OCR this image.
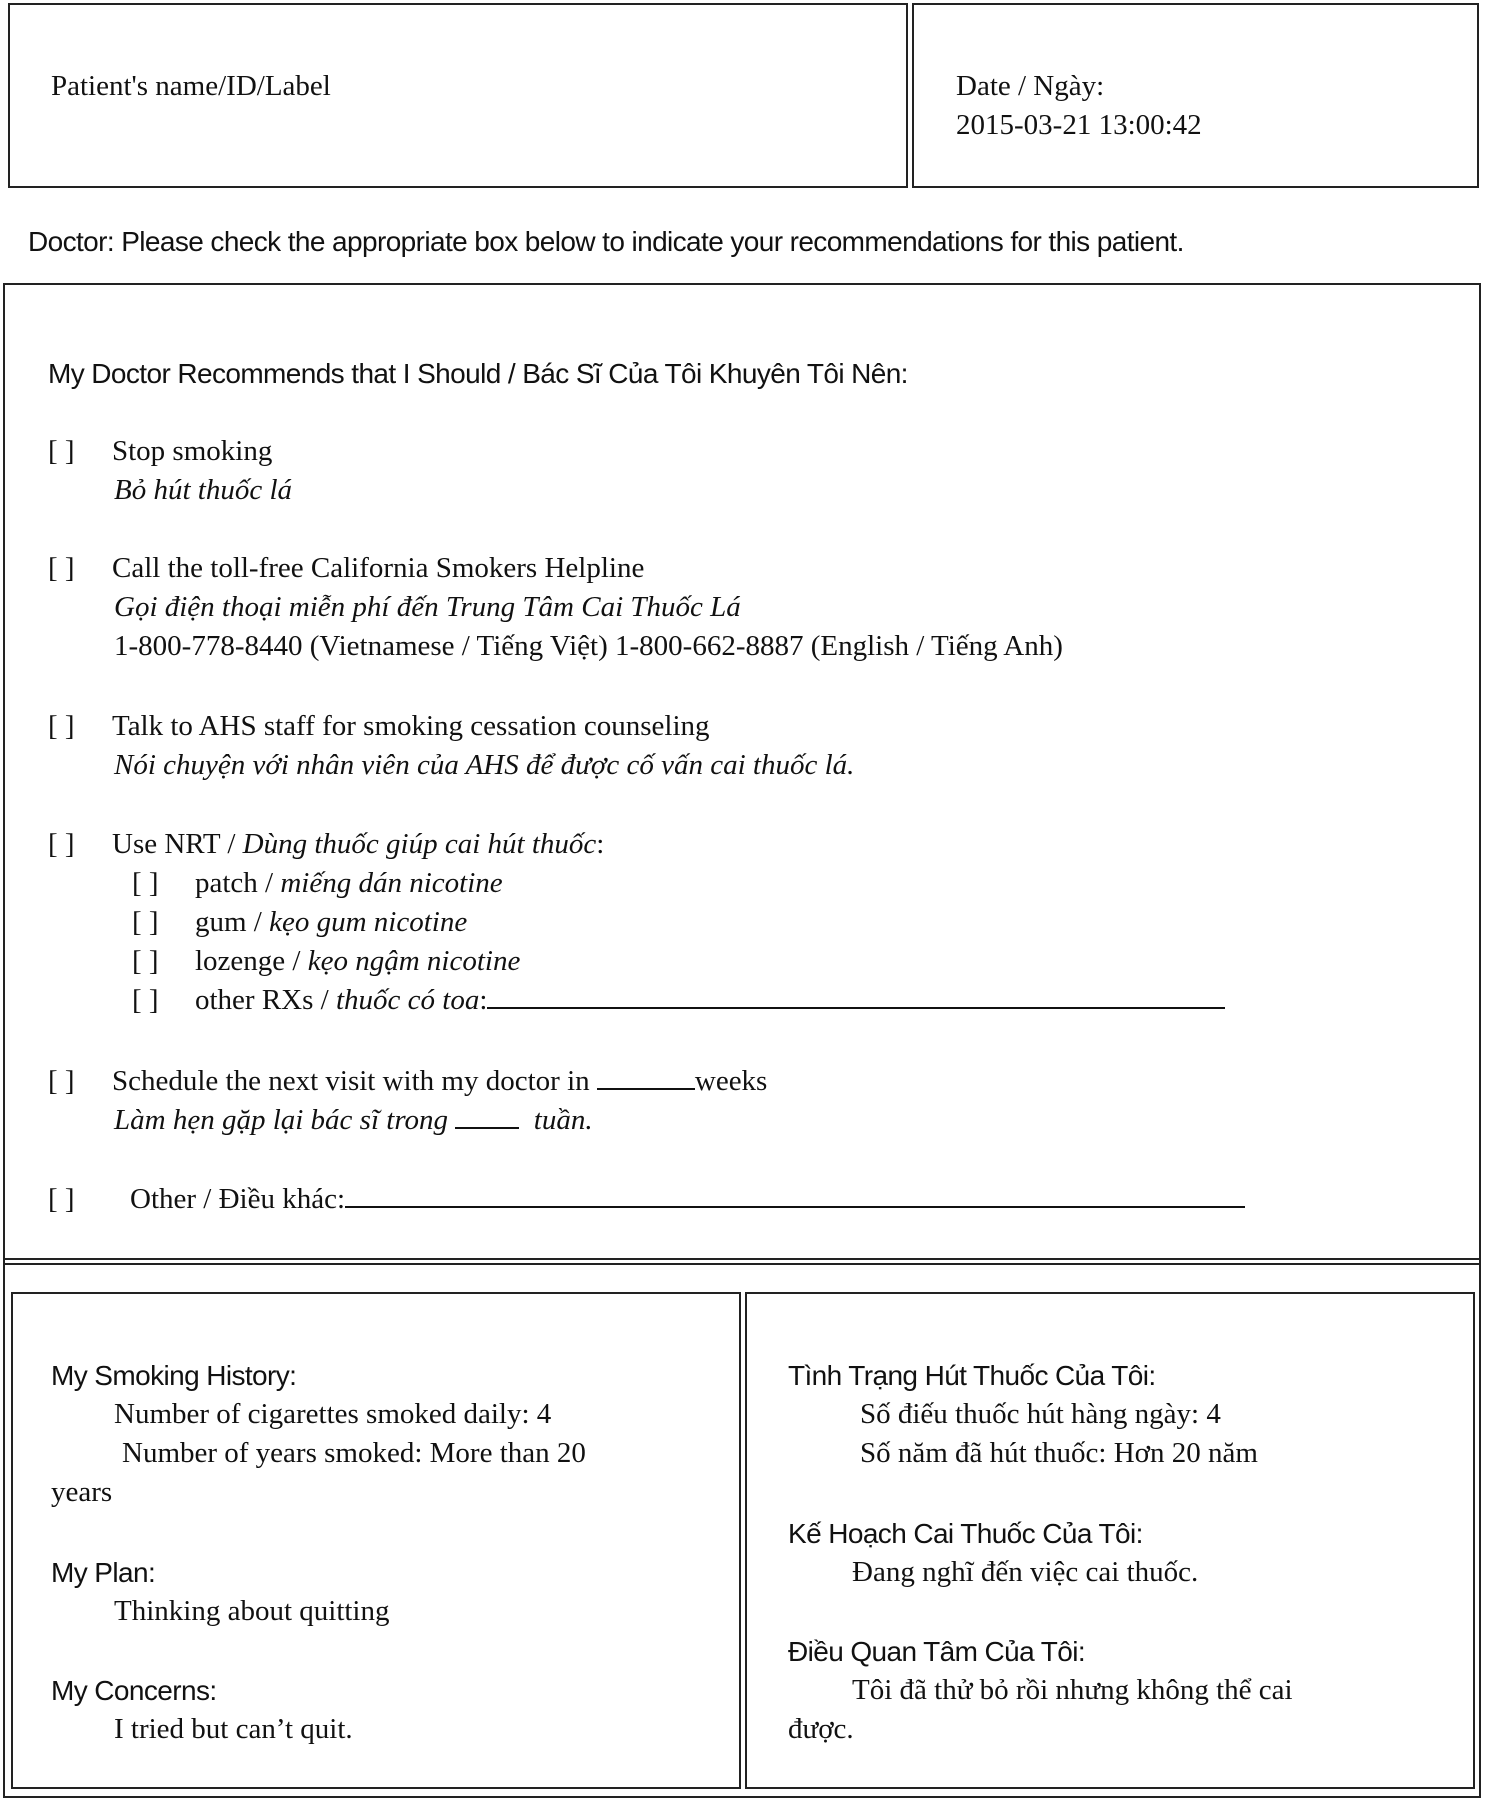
Patient's name/ID/Label	Date / Ngày:
2015-03-21 13:00:42
Doctor: Please check the appropriate box below to indicate your recommendations for this patient.
My Doctor Recommends that I Should / Bác Sĩ Của Tôi Khuyên Tôi Nên:
[ ] Stop smoking
Bỏ hút thuốc lá
[ ] Call the toll-free California Smokers Helpline
Gọi điện thoại miễn phí đến Trung Tâm Cai Thuốc Lá
1-800-778-8440 (Vietnamese / Tiếng Việt) 1-800-662-8887 (English / Tiếng Anh)
[ ] Talk to AHS staff for smoking cessation counseling
Nói chuyện với nhân viên của AHS để được cố vấn cai thuốc lá.
[ ] Use NRT / Dùng thuốc giúp cai hút thuốc:
[ ] patch / miếng dán nicotine
[ ] gum / kẹo gum nicotine
[ ] lozenge / kẹo ngậm nicotine
[ ] other RXs / thuốc có toa:
[ ] Schedule the next visit with my doctor in	weeks
Làm hẹn gặp lại bác sĩ trong	tuần.
[ ] Other / Điều khác:
My Smoking History:
Number of cigarettes smoked daily: 4
Number of years smoked: More than 20
years
My Plan:
Thinking about quitting
My Concerns:
I tried but can’t quit.
Tình Trạng Hút Thuốc Của Tôi:
Số điếu thuốc hút hàng ngày: 4
Số năm đã hút thuốc: Hơn 20 năm
Kế Hoạch Cai Thuốc Của Tôi:
Đang nghĩ đến việc cai thuốc.
Điều Quan Tâm Của Tôi:
Tôi đã thử bỏ rồi nhưng không thể cai
được.
